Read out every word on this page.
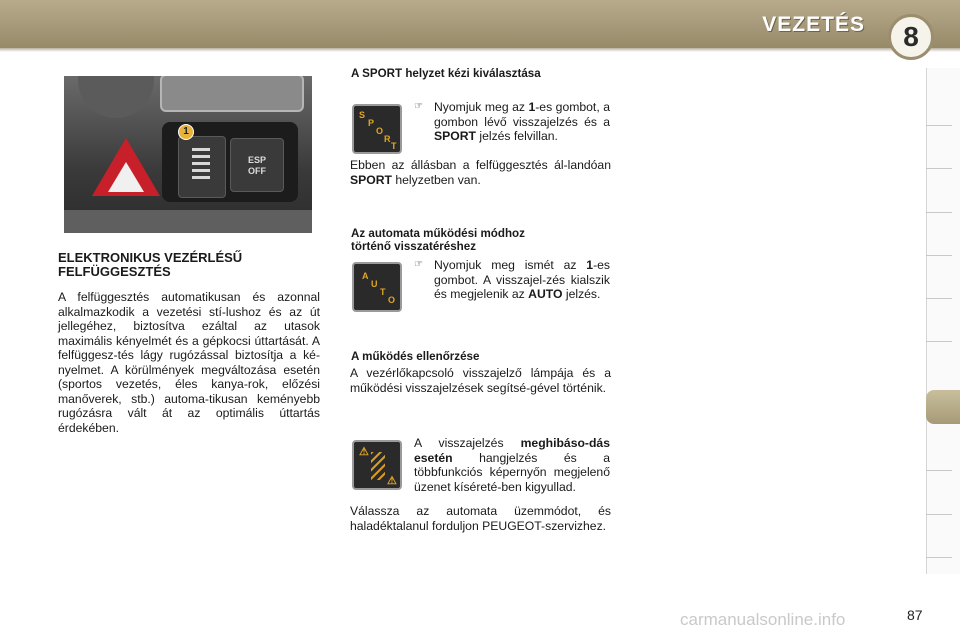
VEZETÉS	8
ESP
OFF
1
ELEKTRONIKUS VEZÉRLÉSŰ
FELFÜGGESZTÉS
A felfüggesztés automatikusan és azonnal alkalmazkodik a vezetési stí-lushoz és az út jellegéhez, biztosítva ezáltal az utasok maximális kényelmét és a gépkocsi úttartását. A felfüggesz-tés lágy rugózással biztosítja a ké-nyelmet. A körülmények megváltozása esetén (sportos vezetés, éles kanya-rok, előzési manőverek, stb.) automa-tikusan keményebb rugózásra vált át az optimális úttartás érdekében.
A SPORT helyzet kézi kiválasztása
S
P
O
R
T
☞ Nyomjuk meg az 1-es gombot, a gombon lévő visszajelzés és a SPORT jelzés felvillan.
Ebben az állásban a felfüggesztés ál-landóan SPORT helyzetben van.
Az automata működési módhoz
történő visszatéréshez
A
U
T
O
☞ Nyomjuk meg ismét az 1-es gombot. A visszajel-zés kialszik és megjelenik az AUTO jelzés.
A működés ellenőrzése
A vezérlőkapcsoló visszajelző lámpája és a működési visszajelzések segítsé-gével történik.
⚠
⚠
A visszajelzés meghibáso-dás esetén hangjelzés és a többfunkciós képernyőn megjelenő üzenet kíséreté-ben kigyullad.
Válassza az automata üzemmódot, és haladéktalanul forduljon PEUGEOT-szervizhez.
carmanualsonline.info	87
